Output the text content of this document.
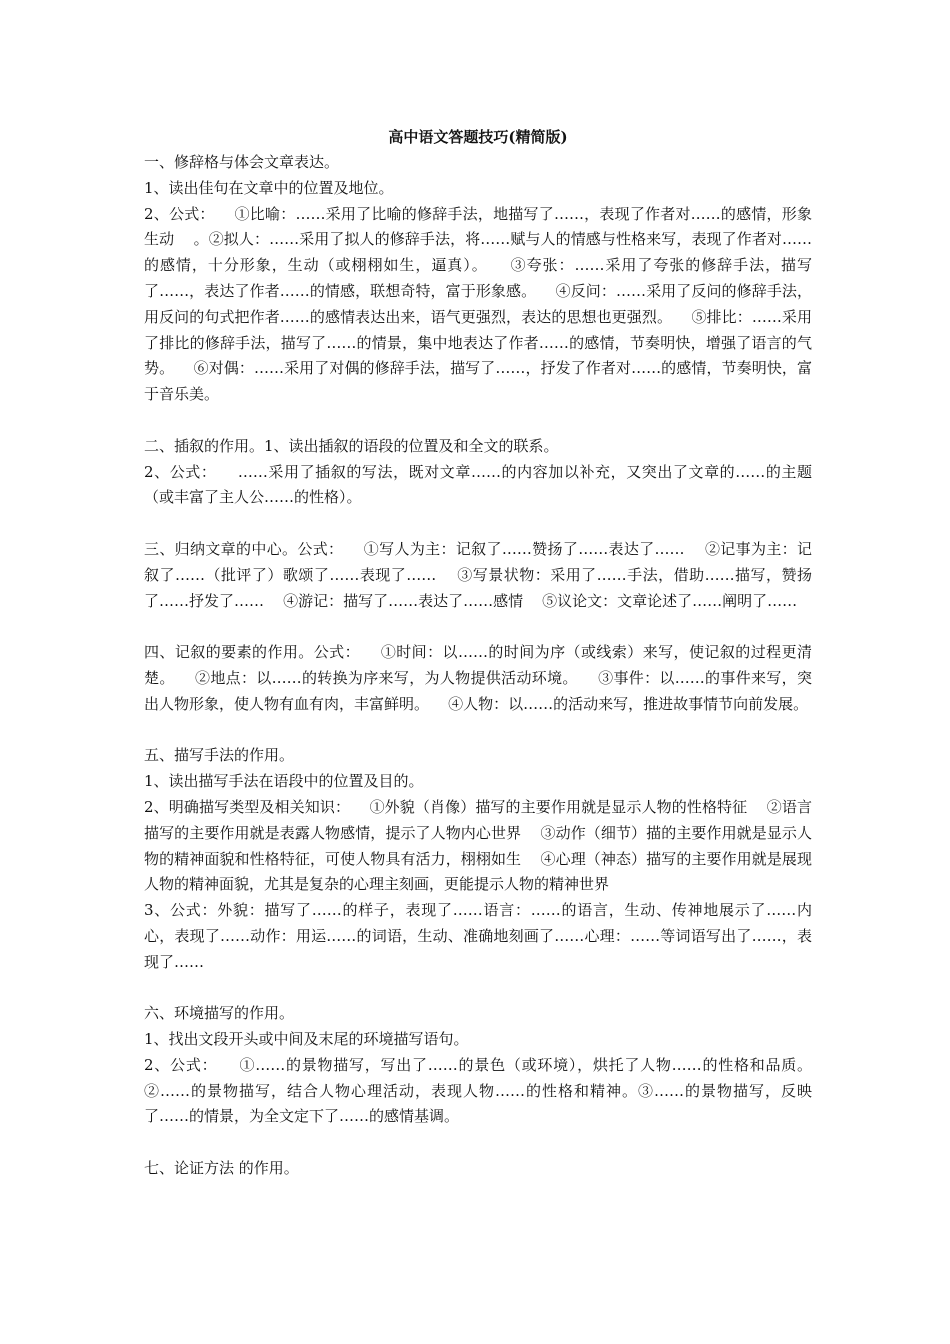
高中语文答题技巧(精简版)

一、修辞格与体会文章表达。

1、读出佳句在文章中的位置及地位。

2、公式：    ①比喻：……采用了比喻的修辞手法，地描写了……，表现了作者对……的感情，形象生动    。②拟人：……采用了拟人的修辞手法，将……赋与人的情感与性格来写，表现了作者对……的感情，十分形象，生动（或栩栩如生，逼真）。    ③夸张：……采用了夸张的修辞手法，描写了……，表达了作者……的情感，联想奇特，富于形象感。    ④反问：……采用了反问的修辞手法，用反问的句式把作者……的感情表达出来，语气更强烈，表达的思想也更强烈。    ⑤排比：……采用了排比的修辞手法，描写了……的情景，集中地表达了作者……的感情，节奏明快，增强了语言的气势。    ⑥对偶：……采用了对偶的修辞手法，描写了……，抒发了作者对……的感情，节奏明快，富于音乐美。

二、插叙的作用。1、读出插叙的语段的位置及和全文的联系。

2、公式：    ……采用了插叙的写法，既对文章……的内容加以补充，又突出了文章的……的主题（或丰富了主人公……的性格）。

三、归纳文章的中心。公式：    ①写人为主：记叙了……赞扬了……表达了……    ②记事为主：记叙了……（批评了）歌颂了……表现了……    ③写景状物：采用了……手法，借助……描写，赞扬了……抒发了……    ④游记：描写了……表达了……感情    ⑤议论文：文章论述了……阐明了……

四、记叙的要素的作用。公式：    ①时间：以……的时间为序（或线索）来写，使记叙的过程更清楚。    ②地点：以……的转换为序来写，为人物提供活动环境。    ③事件：以……的事件来写，突出人物形象，使人物有血有肉，丰富鲜明。    ④人物：以……的活动来写，推进故事情节向前发展。

五、描写手法的作用。

1、读出描写手法在语段中的位置及目的。

2、明确描写类型及相关知识：    ①外貌（肖像）描写的主要作用就是显示人物的性格特征    ②语言描写的主要作用就是表露人物感情，提示了人物内心世界    ③动作（细节）描的主要作用就是显示人物的精神面貌和性格特征，可使人物具有活力，栩栩如生    ④心理（神态）描写的主要作用就是展现人物的精神面貌，尤其是复杂的心理主刻画，更能提示人物的精神世界

3、公式：外貌：描写了……的样子，表现了……语言：……的语言，生动、传神地展示了……内心，表现了……动作：用运……的词语，生动、准确地刻画了……心理：……等词语写出了……，表现了……

六、环境描写的作用。

1、找出文段开头或中间及末尾的环境描写语句。

2、公式：    ①……的景物描写，写出了……的景色（或环境），烘托了人物……的性格和品质。    ②……的景物描写，结合人物心理活动，表现人物……的性格和精神。③……的景物描写，反映了……的情景，为全文定下了……的感情基调。

七、论证方法 的作用。
